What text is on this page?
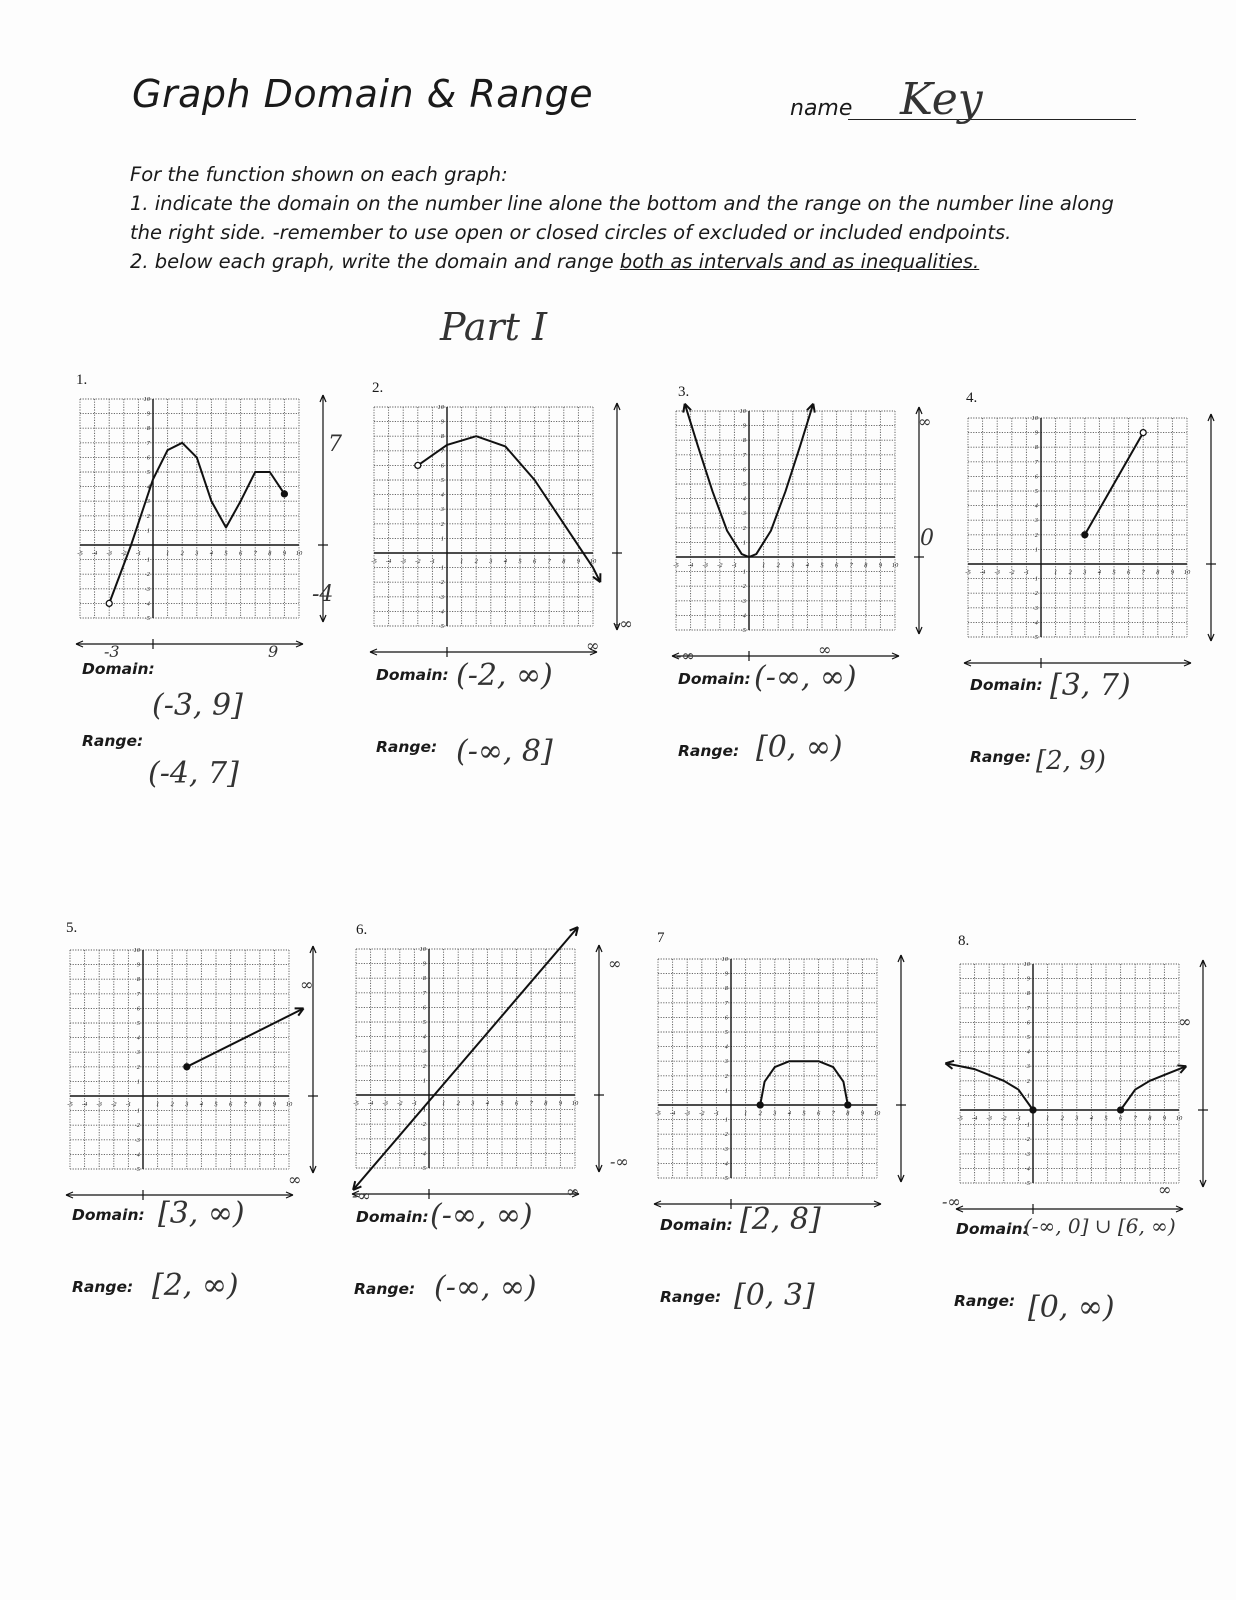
Graph Domain & Range	name Key
For the function shown on each graph:
1. indicate the domain on the number line alone the bottom and the range on the number line along
the right side. -remember to use open or closed circles of excluded or included endpoints.
2. below each graph, write the domain and range both as intervals and as inequalities.
Part I
1.	2.	3.	4.
5.	6.	7	8.
-5
-5
-4
-4
-3
-3
-2
-2
-1
-1
1
1
2
2
3
3
4
4
5
5
6
6
7
7
8
8
9
9
10
10
-5
-5
-4
-4
-3
-3
-2
-2
-1
-1
1
1
2
2
3
3
4
4
5
5
6
6
7
7
8
8
9
9
10
10
-5
-5
-4
-4
-3
-3
-2
-2
-1
-1
1
1
2
2
3
3
4
4
5
5
6
6
7
7
8
8
9
9
10
10
-5
-5
-4
-4
-3
-3
-2
-2
-1
-1
1
1
2
2
3
3
4
4
5
5
6
6
7
7
8
8
9
9
10
10
-5
-5
-4
-4
-3
-3
-2
-2
-1
-1
1
1
2
2
3
3
4
4
5
5
6
6
7
7
8
8
9
9
10
10
-5
-5
-4
-4
-3
-3
-2
-2
-1
-1
1
1
2
2
3
3
4
4
5
5
6
6
7
7
8
8
9
9
10
10
-5
-5
-4
-4
-3
-3
-2
-2
-1
-1
1
1
2
2
3
3
4
4
5
5
6
6
7
7
8
8
9
9
10
10
-5
-5
-4
-4
-3
-3
-2
-2
-1
-1
1
1
2
2
3
3
4
4
5
5
6
6
7
7
8
8
9
9
10
10
-3	9
7
-4
∞
-∞
-∞	∞
∞
0
∞
∞
-∞	∞
∞
-∞
-∞
∞
∞
Domain:
(-3, 9]
Range:
(-4, 7]
Domain: (-2, ∞)
Range: (-∞, 8]
Domain: (-∞, ∞)
Range: [0, ∞)
Domain: [3, 7)
Range: [2, 9)
Domain: [3, ∞)
Range: [2, ∞)
Domain: (-∞, ∞)
Range: (-∞, ∞)
Domain: [2, 8]
Range: [0, 3]
Domain:
(-∞, 0] ∪ [6, ∞)
Range: [0, ∞)
